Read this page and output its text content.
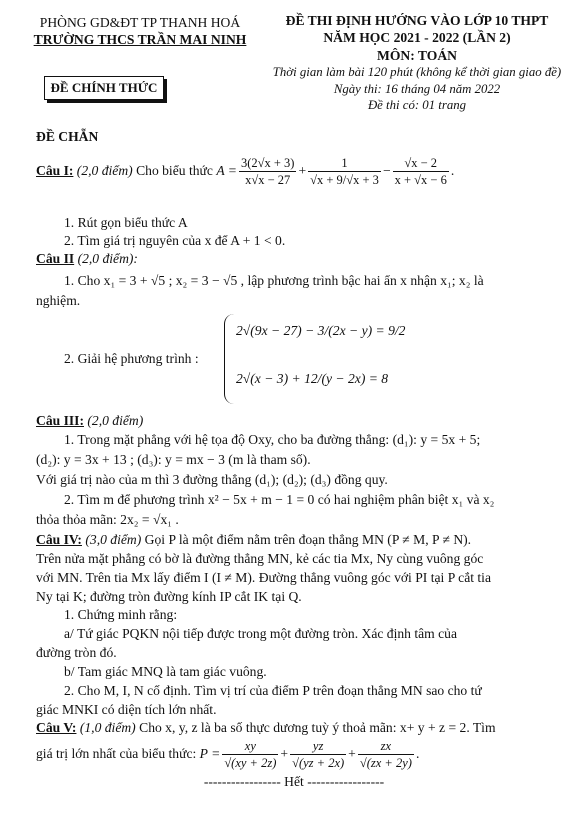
PHÒNG GD&ĐT TP THANH HOÁ
TRƯỜNG THCS TRẦN MAI NINH
ĐỀ THI ĐỊNH HƯỚNG VÀO LỚP 10 THPT
NĂM HỌC 2021 - 2022 (LẦN 2)
MÔN: TOÁN
Thời gian làm bài 120 phút (không kể thời gian giao đề)
Ngày thi: 16 tháng 04 năm 2022
Đề thi có: 01 trang
ĐỀ CHÍNH THỨC
ĐỀ CHẴN
Câu I:
(2,0 điểm)
Cho biểu thức
$A = \frac{3(2√x + 3)}{x√x - 27} + \frac{1}{√x + 9/√x + 3} - \frac{√x - 2}{x + √x - 6}$ .
1. Rút gọn biểu thức A
2. Tìm giá trị nguyên của x để A + 1 < 0.
Câu II (2,0 điểm):
1. Cho x₁ = 3 + √5 ; x₂ = 3 − √5 , lập phương trình bậc hai ẩn x nhận x₁; x₂ là
nghiệm.
2. Giải hệ phương trình :
2√(9x − 27) − 3/(2x − y) = 9/2
2√(x − 3) + 12/(y − 2x) = 8
Câu III: (2,0 điểm)
1. Trong mặt phẳng với hệ tọa độ Oxy, cho ba đường thẳng: (d₁): y = 5x + 5;
(d₂): y = 3x + 13 ; (d₃): y = mx − 3 (m là tham số).
Với giá trị nào của m thì 3 đường thẳng (d₁); (d₂); (d₃) đồng quy.
2. Tìm m để phương trình x² − 5x + m − 1 = 0 có hai nghiệm phân biệt x₁ và x₂
thỏa thỏa mãn: 2x₂ = √x₁ .
Câu IV: (3,0 điểm) Gọi P là một điểm nằm trên đoạn thẳng MN (P ≠ M, P ≠ N).
Trên nửa mặt phẳng có bờ là đường thẳng MN, kẻ các tia Mx, Ny cùng vuông góc
với MN. Trên tia Mx lấy điểm I (I ≠ M). Đường thẳng vuông góc với PI tại P cắt tia
Ny tại K; đường tròn đường kính IP cắt IK tại Q.
1. Chứng minh rằng:
a/ Tứ giác PQKN nội tiếp được trong một đường tròn. Xác định tâm của
đường tròn đó.
b/ Tam giác MNQ là tam giác vuông.
2. Cho M, I, N cố định. Tìm vị trí của điểm P trên đoạn thẳng MN sao cho tứ
giác MNKI có diện tích lớn nhất.
Câu V: (1,0 điểm) Cho x, y, z là ba số thực dương tuỳ ý thoả mãn: x+ y + z = 2. Tìm
giá trị lớn nhất của biểu thức:
$P = \frac{xy}{√(xy + 2z)} + \frac{yz}{√(yz + 2x)} + \frac{zx}{√(zx + 2y)}$ .
----------------- Hết -----------------
